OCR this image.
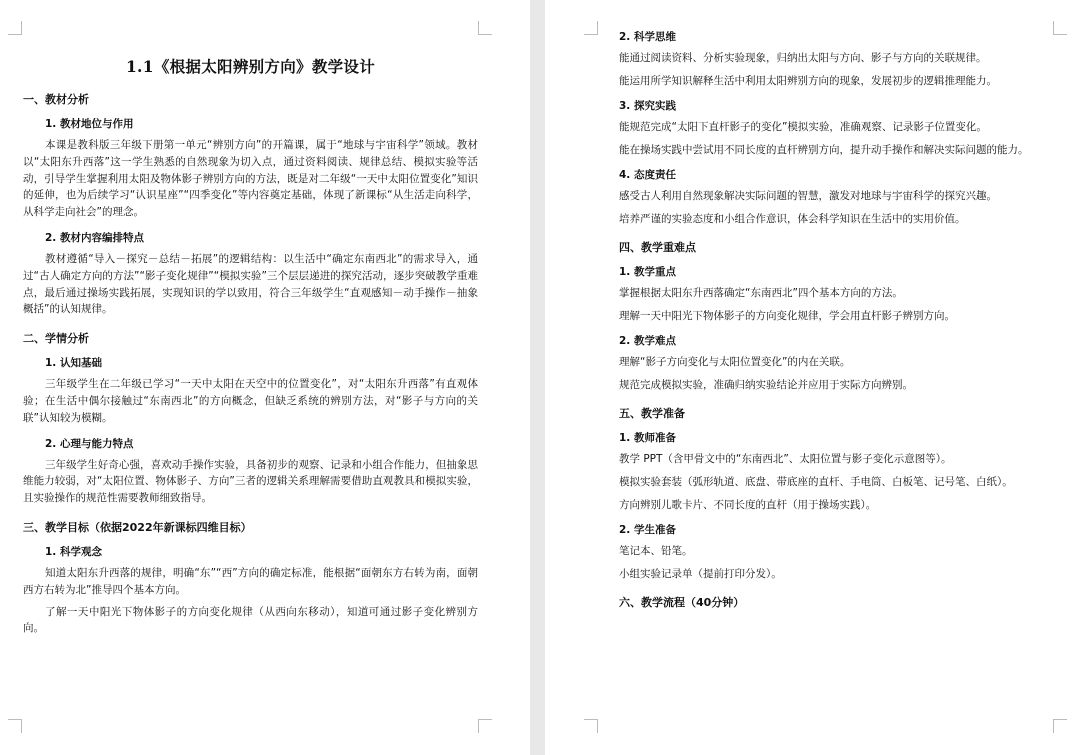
1.1《根据太阳辨别方向》教学设计
一、教材分析
1. 教材地位与作用
本课是教科版三年级下册第一单元“辨别方向”的开篇课，属于“地球与宇宙科学”领域。教材以“太阳东升西落”这一学生熟悉的自然现象为切入点，通过资料阅读、规律总结、模拟实验等活动，引导学生掌握利用太阳及物体影子辨别方向的方法，既是对二年级“一天中太阳位置变化”知识的延伸，也为后续学习“认识星座”“四季变化”等内容奠定基础，体现了新课标“从生活走向科学，从科学走向社会”的理念。
2. 教材内容编排特点
教材遵循“导入－探究－总结－拓展”的逻辑结构：以生活中“确定东南西北”的需求导入，通过“古人确定方向的方法”“影子变化规律”“模拟实验”三个层层递进的探究活动，逐步突破教学重难点，最后通过操场实践拓展，实现知识的学以致用，符合三年级学生“直观感知－动手操作－抽象概括”的认知规律。
二、学情分析
1. 认知基础
三年级学生在二年级已学习“一天中太阳在天空中的位置变化”，对“太阳东升西落”有直观体验；在生活中偶尔接触过“东南西北”的方向概念，但缺乏系统的辨别方法，对“影子与方向的关联”认知较为模糊。
2. 心理与能力特点
三年级学生好奇心强，喜欢动手操作实验，具备初步的观察、记录和小组合作能力，但抽象思维能力较弱，对“太阳位置、物体影子、方向”三者的逻辑关系理解需要借助直观教具和模拟实验，且实验操作的规范性需要教师细致指导。
三、教学目标（依据2022年新课标四维目标）
1. 科学观念
知道太阳东升西落的规律，明确“东”“西”方向的确定标准，能根据“面朝东方右转为南，面朝西方右转为北”推导四个基本方向。
了解一天中阳光下物体影子的方向变化规律（从西向东移动），知道可通过影子变化辨别方向。
2. 科学思维
能通过阅读资料、分析实验现象，归纳出太阳与方向、影子与方向的关联规律。
能运用所学知识解释生活中利用太阳辨别方向的现象，发展初步的逻辑推理能力。
3. 探究实践
能规范完成“太阳下直杆影子的变化”模拟实验，准确观察、记录影子位置变化。
能在操场实践中尝试用不同长度的直杆辨别方向，提升动手操作和解决实际问题的能力。
4. 态度责任
感受古人利用自然现象解决实际问题的智慧，激发对地球与宇宙科学的探究兴趣。
培养严谨的实验态度和小组合作意识，体会科学知识在生活中的实用价值。
四、教学重难点
1. 教学重点
掌握根据太阳东升西落确定“东南西北”四个基本方向的方法。
理解一天中阳光下物体影子的方向变化规律，学会用直杆影子辨别方向。
2. 教学难点
理解“影子方向变化与太阳位置变化”的内在关联。
规范完成模拟实验，准确归纳实验结论并应用于实际方向辨别。
五、教学准备
1. 教师准备
教学 PPT（含甲骨文中的“东南西北”、太阳位置与影子变化示意图等）。
模拟实验套装（弧形轨道、底盘、带底座的直杆、手电筒、白板笔、记号笔、白纸）。
方向辨别儿歌卡片、不同长度的直杆（用于操场实践）。
2. 学生准备
笔记本、铅笔。
小组实验记录单（提前打印分发）。
六、教学流程（40分钟）
